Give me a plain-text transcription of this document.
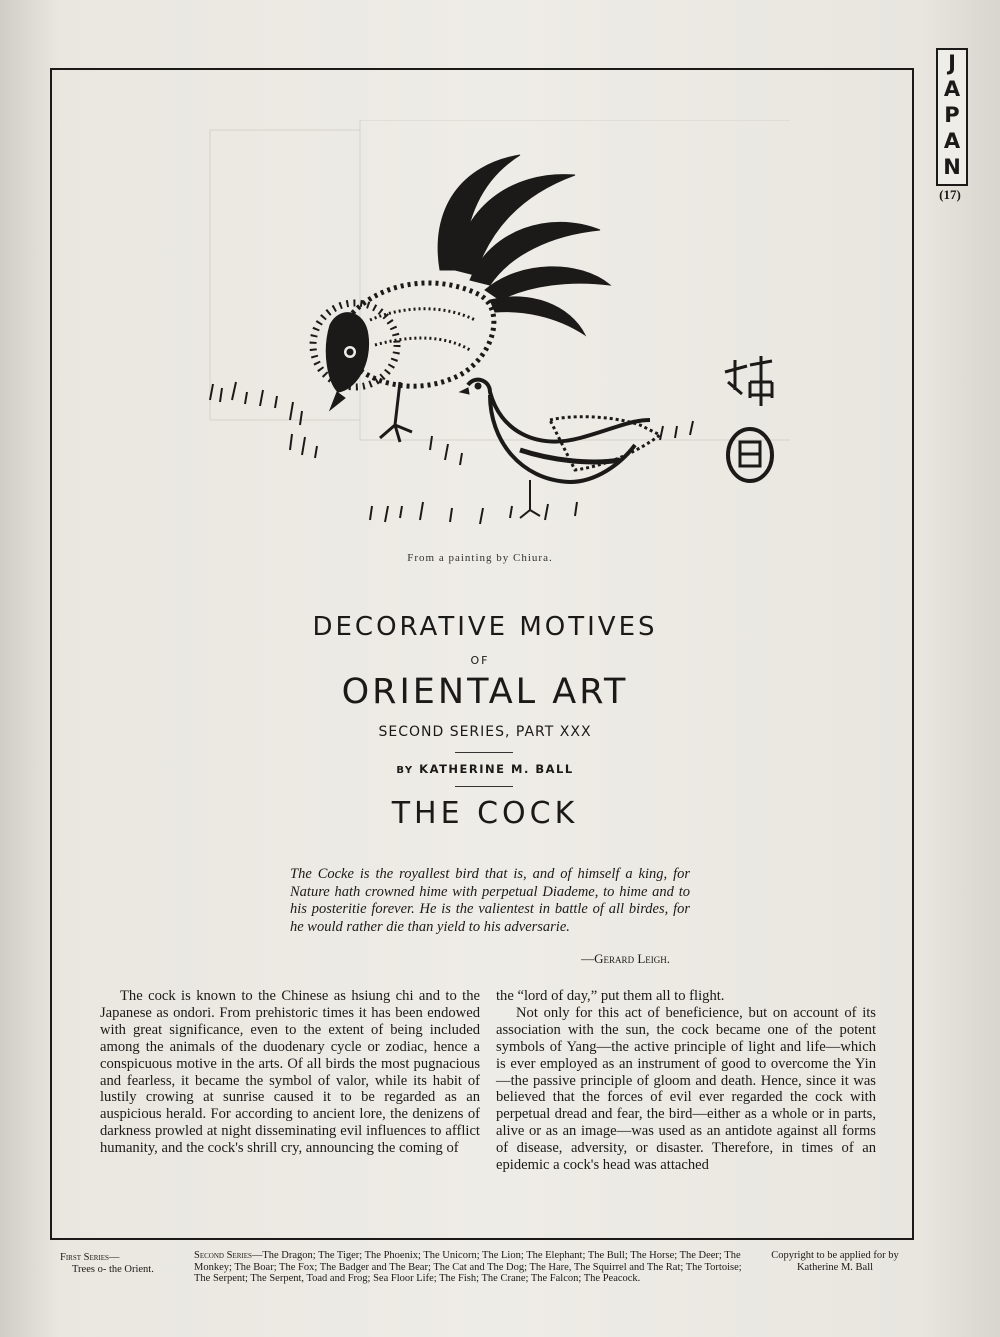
J
A
P
A
N
(17)
From a painting by Chiura.
DECORATIVE MOTIVES
OF
ORIENTAL ART
SECOND SERIES, PART XXX
BY KATHERINE M. BALL
THE COCK
The Cocke is the royallest bird that is, and of himself a king, for Nature hath crowned hime with perpetual Diademe, to hime and to his posteritie forever. He is the valientest in battle of all birdes, for he would rather die than yield to his adversarie.
—Gerard Leigh.

The cock is known to the Chinese as hsiung chi and to the Japanese as ondori. From prehistoric times it has been endowed with great significance, even to the extent of being included among the animals of the duodenary cycle or zodiac, hence a conspicuous motive in the arts. Of all birds the most pugnacious and fearless, it became the symbol of valor, while its habit of lustily crowing at sunrise caused it to be regarded as an auspicious herald. For according to ancient lore, the denizens of darkness prowled at night disseminating evil influences to afflict humanity, and the cock's shrill cry, announcing the coming of

the “lord of day,” put them all to flight.

Not only for this act of beneficience, but on account of its association with the sun, the cock became one of the potent symbols of Yang—the active principle of light and life—which is ever employed as an instrument of good to overcome the Yin—the passive principle of gloom and death. Hence, since it was believed that the forces of evil ever regarded the cock with perpetual dread and fear, the bird—either as a whole or in parts, alive or as an image—was used as an antidote against all forms of disease, adversity, or disaster. Therefore, in times of an epidemic a cock's head was attached

First Series—
Trees o- the Orient.
Second Series—The Dragon; The Tiger; The Phoenix; The Unicorn; The Lion; The Elephant; The Bull; The Horse; The Deer; The Monkey; The Boar; The Fox; The Badger and The Bear; The Cat and The Dog; The Hare, The Squirrel and The Rat; The Tortoise; The Serpent; The Serpent, Toad and Frog; Sea Floor Life; The Fish; The Crane; The Falcon; The Peacock.
Copyright to be applied for by Katherine M. Ball
